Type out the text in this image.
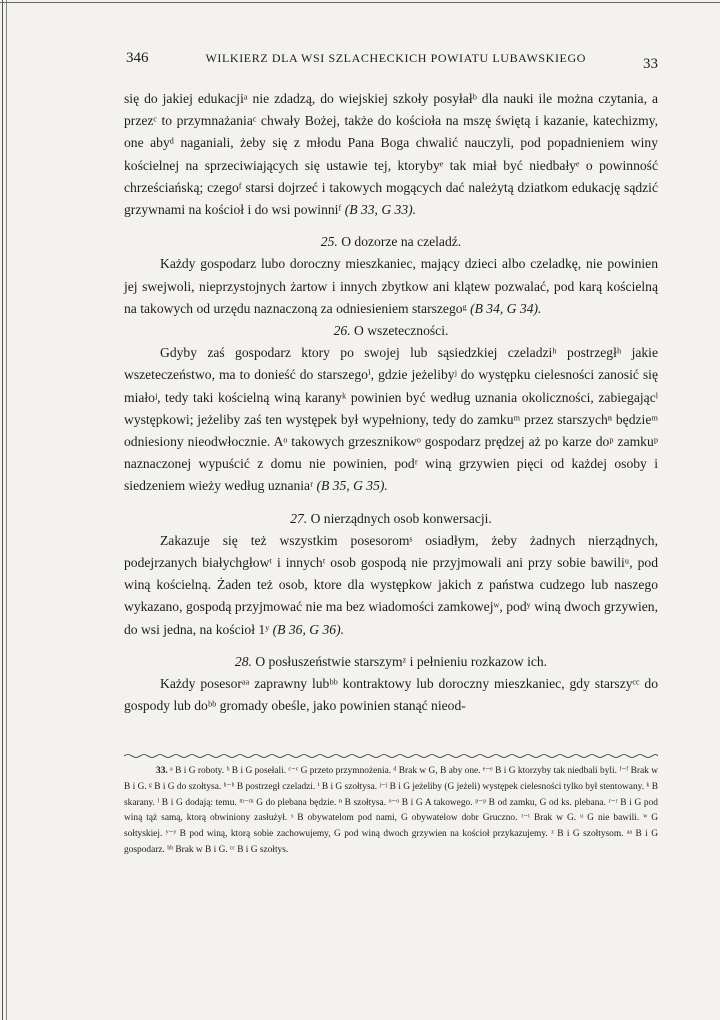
346	WILKIERZ DLA WSI SZLACHECKICH POWIATU LUBAWSKIEGO	33

się do jakiej edukacjiᵃ nie zdadzą, do wiejskiej szkoły posyłałᵇ dla nauki ile można czytania, a przezᶜ to przymnażaniaᶜ chwały Bożej, także do kościoła na mszę świętą i kazanie, katechizmy, one abyᵈ naganiali, żeby się z młodu Pana Boga chwalić nauczyli, pod popadnieniem winy kościelnej na sprzeciwiających się ustawie tej, ktorybyᵉ tak miał być niedbałyᵉ o powinność chrześciańską; czegoᶠ starsi dojrzeć i takowych mogących dać należytą dziatkom edukację sądzić grzywnami na kościoł i do wsi powinniᶠ (B 33, G 33).

25. O dozorze na czeladź.

Każdy gospodarz lubo doroczny mieszkaniec, mający dzieci albo czeladkę, nie powinien jej swejwoli, nieprzystojnych żartow i innych zbytkow ani klątew pozwalać, pod karą kościelną na takowych od urzędu naznaczoną za odniesieniem starszegoᵍ (B 34, G 34).

26. O wszeteczności.

Gdyby zaś gospodarz ktory po swojej lub sąsiedzkiej czeladziʰ postrzegłʰ jakie wszeteczeństwo, ma to donieść do starszegoⁱ, gdzie jeżelibyʲ do występku cielesności zanosić się miałoʲ, tedy taki kościelną winą karanyᵏ powinien być według uznania okoliczności, zabiegającˡ występkowi; jeżeliby zaś ten występek był wypełniony, tedy do zamkuᵐ przez starszychⁿ będzieᵐ odniesiony nieodwłocznie. Aᵒ takowych grzesznikowᵒ gospodarz prędzej aż po karze doᵖ zamkuᵖ naznaczonej wypuścić z domu nie powinien, podʳ winą grzywien pięci od każdej osoby i siedzeniem wieży według uznaniaʳ (B 35, G 35).

27. O nierządnych osob konwersacji.

Zakazuje się też wszystkim posesoromˢ osiadłym, żeby żadnych nierządnych, podejrzanych białychgłowᵗ i innychᵗ osob gospodą nie przyjmowali ani przy sobie bawiliᵘ, pod winą kościelną. Żaden też osob, ktore dla występkow jakich z państwa cudzego lub naszego wykazano, gospodą przyjmować nie ma bez wiadomości zamkowejʷ, podʸ winą dwoch grzywien, do wsi jedna, na kościoł 1ʸ (B 36, G 36).

28. O posłuszeństwie starszymᶻ i pełnieniu rozkazow ich.

Każdy posesorᵃᵃ zaprawny lubᵇᵇ kontraktowy lub doroczny mieszkaniec, gdy starszyᶜᶜ do gospody lub doᵇᵇ gromady obeśle, jako powinien stanąć nieod-

33. ᵃ B i G roboty. ᵇ B i G posełali. ᶜ⁻ᶜ G przeto przymnożenia. ᵈ Brak w G, B aby one. ᵉ⁻ᵉ B i G ktorzyby tak niedbali byli. ᶠ⁻ᶠ Brak w B i G. ᵍ B i G do szołtysa. ʰ⁻ʰ B postrzegł czeladzi. ⁱ B i G szołtysa. ʲ⁻ʲ B i G jeżeliby (G jeżeli) występek cielesności tylko był stentowany. ᵏ B skarany. ˡ B i G dodają: temu. ᵐ⁻ᵐ G do plebana będzie. ⁿ B szołtysa. ᵒ⁻ᵒ B i G A takowego. ᵖ⁻ᵖ B od zamku, G od ks. plebana. ʳ⁻ʳ B i G pod winą tąż samą, ktorą obwiniony zasłużył. ˢ B obywatelom pod nami, G obywatelow dobr Gruczno. ᵗ⁻ᵗ Brak w G. ᵘ G nie bawili. ʷ G sołtyskiej. ʸ⁻ʸ B pod winą, ktorą sobie zachowujemy, G pod winą dwoch grzywien na kościoł przykazujemy. ᶻ B i G szołtysom. ᵃᵃ B i G gospodarz. ᵇᵇ Brak w B i G. ᶜᶜ B i G szołtys.
